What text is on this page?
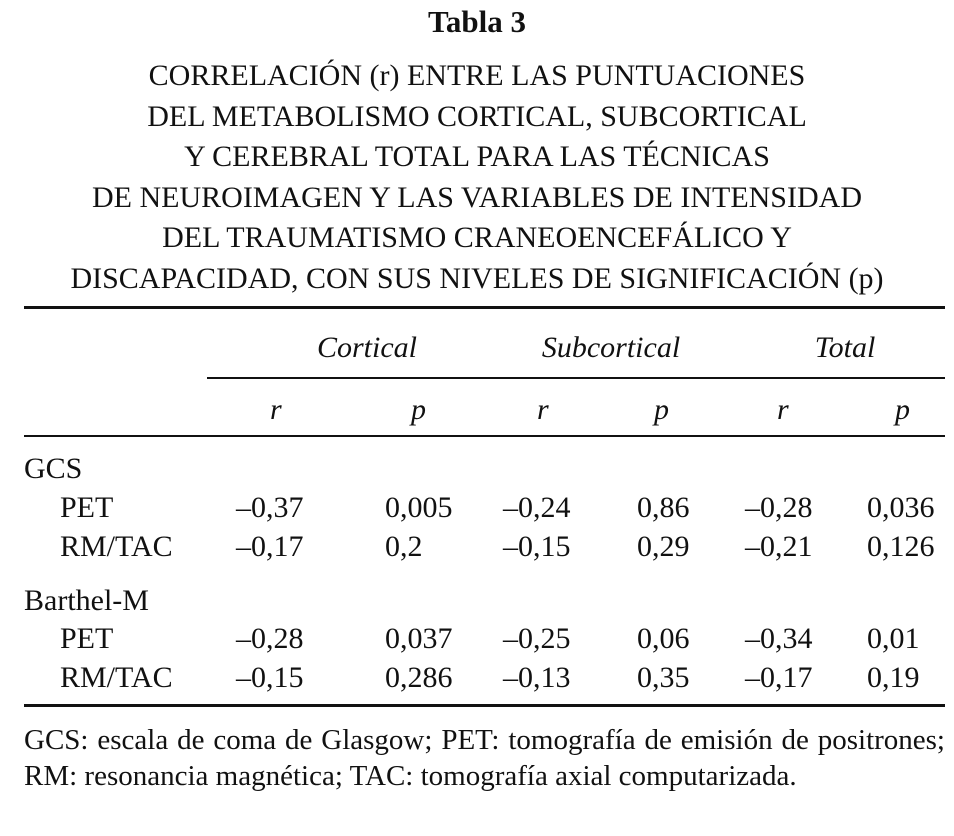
Tabla 3
CORRELACIÓN (r) ENTRE LAS PUNTUACIONES
DEL METABOLISMO CORTICAL, SUBCORTICAL
Y CEREBRAL TOTAL PARA LAS TÉCNICAS
DE NEUROIMAGEN Y LAS VARIABLES DE INTENSIDAD
DEL TRAUMATISMO CRANEOENCEFÁLICO Y
DISCAPACIDAD, CON SUS NIVELES DE SIGNIFICACIÓN (p)
Cortical	Subcortical	Total
r	p	r	p	r	p
GCS
PET	–0,37	0,005 –0,24 0,86 –0,28 0,036
RM/TAC –0,17	0,2	–0,15 0,29 –0,21 0,126
Barthel-M
PET	–0,28	0,037 –0,25 0,06 –0,34 0,01
RM/TAC –0,15	0,286 –0,13 0,35 –0,17 0,19
GCS: escala de coma de Glasgow; PET: tomografía de emisión de positrones; RM: resonancia magnética; TAC: tomografía axial computarizada.
